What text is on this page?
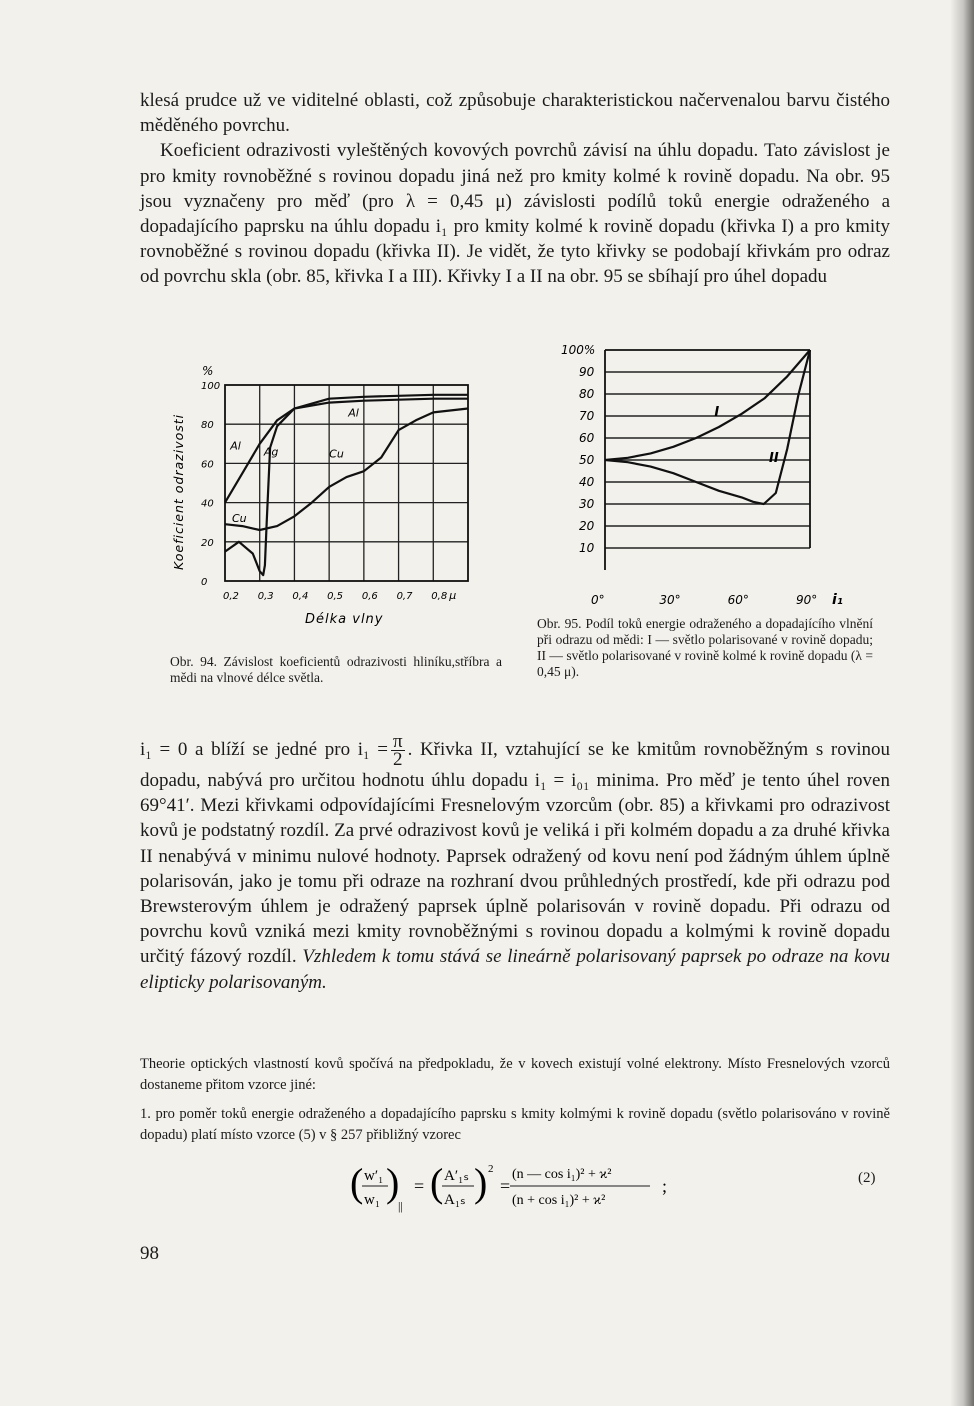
klesá prudce už ve viditelné oblasti, což způsobuje charakteristickou načervenalou barvu čistého měděného povrchu.

Koeficient odrazivosti vyleštěných kovových povrchů závisí na úhlu dopadu. Tato závislost je pro kmity rovnoběžné s rovinou dopadu jiná než pro kmity kolmé k rovině dopadu. Na obr. 95 jsou vyznačeny pro měď (pro λ = 0,45 μ) závislosti podílů toků energie odraženého a dopadajícího paprsku na úhlu dopadu i₁ pro kmity kolmé k rovině dopadu (křivka I) a pro kmity rovnoběžné s rovinou dopadu (křivka II). Je vidět, že tyto křivky se podobají křivkám pro odraz od povrchu skla (obr. 85, křivka I a III). Křivky I a II na obr. 95 se sbíhají pro úhel dopadu

0,2 0,3 0,4 0,5 0,6 0,7 0,8 μ
0
20
40
60
80
100
%
Koeficient odrazivosti
Délka vlny
Al Ag	Cu
Al
Cu
Obr. 94. Závislost koeficientů odrazivosti hliníku,stříbra a mědi na vlnové délce světla.
10
20
30
40
50
60
70
80
90
100%
0°	30°	60°	90° i₁
I
II
Obr. 95. Podíl toků energie odraženého a dopadajícího vlnění při odrazu od mědi: I — světlo polarisované v rovině dopadu; II — světlo polarisované v rovině kolmé k rovině dopadu (λ = 0,45 μ).

i₁ = 0 a blíží se jedné pro $i_1 = \frac{\pi}{2}$ . Křivka II, vztahující se ke kmitům rovnoběžným s rovinou dopadu, nabývá pro určitou hodnotu úhlu dopadu i₁ = i₀₁ minima. Pro měď je tento úhel roven 69°41′. Mezi křivkami odpovídajícími Fresnelovým vzorcům (obr. 85) a křivkami pro odrazivost kovů je podstatný rozdíl. Za prvé odrazivost kovů je veliká i při kolmém dopadu a za druhé křivka II nenabývá v minimu nulové hodnoty. Paprsek odražený od kovu není pod žádným úhlem úplně polarisován, jako je tomu při odraze na rozhraní dvou průhledných prostředí, kde při odrazu pod Brewsterovým úhlem je odražený paprsek úplně polarisován v rovině dopadu. Při odrazu od povrchu kovů vzniká mezi kmity rovnoběžnými s rovinou dopadu a kolmými k rovině dopadu určitý fázový rozdíl. Vzhledem k tomu stává se lineárně polarisovaný paprsek po odraze na kovu elipticky polarisovaným.

Theorie optických vlastností kovů spočívá na předpokladu, že v kovech existují volné elektrony. Místo Fresnelových vzorců dostaneme přitom vzorce jiné:

1. pro poměr toků energie odraženého a dopadajícího paprsku s kmity kolmými k rovině dopadu (světlo polarisováno v rovině dopadu) platí místo vzorce (5) v § 257 přibližný vzorec

( w′₁
w₁ )
||
= ( A′₁ₛ
A₁ₛ ) 2
=
(n — cos i₁)² + ϰ²
(n + cos i₁)² + ϰ²
;	(2)
98
